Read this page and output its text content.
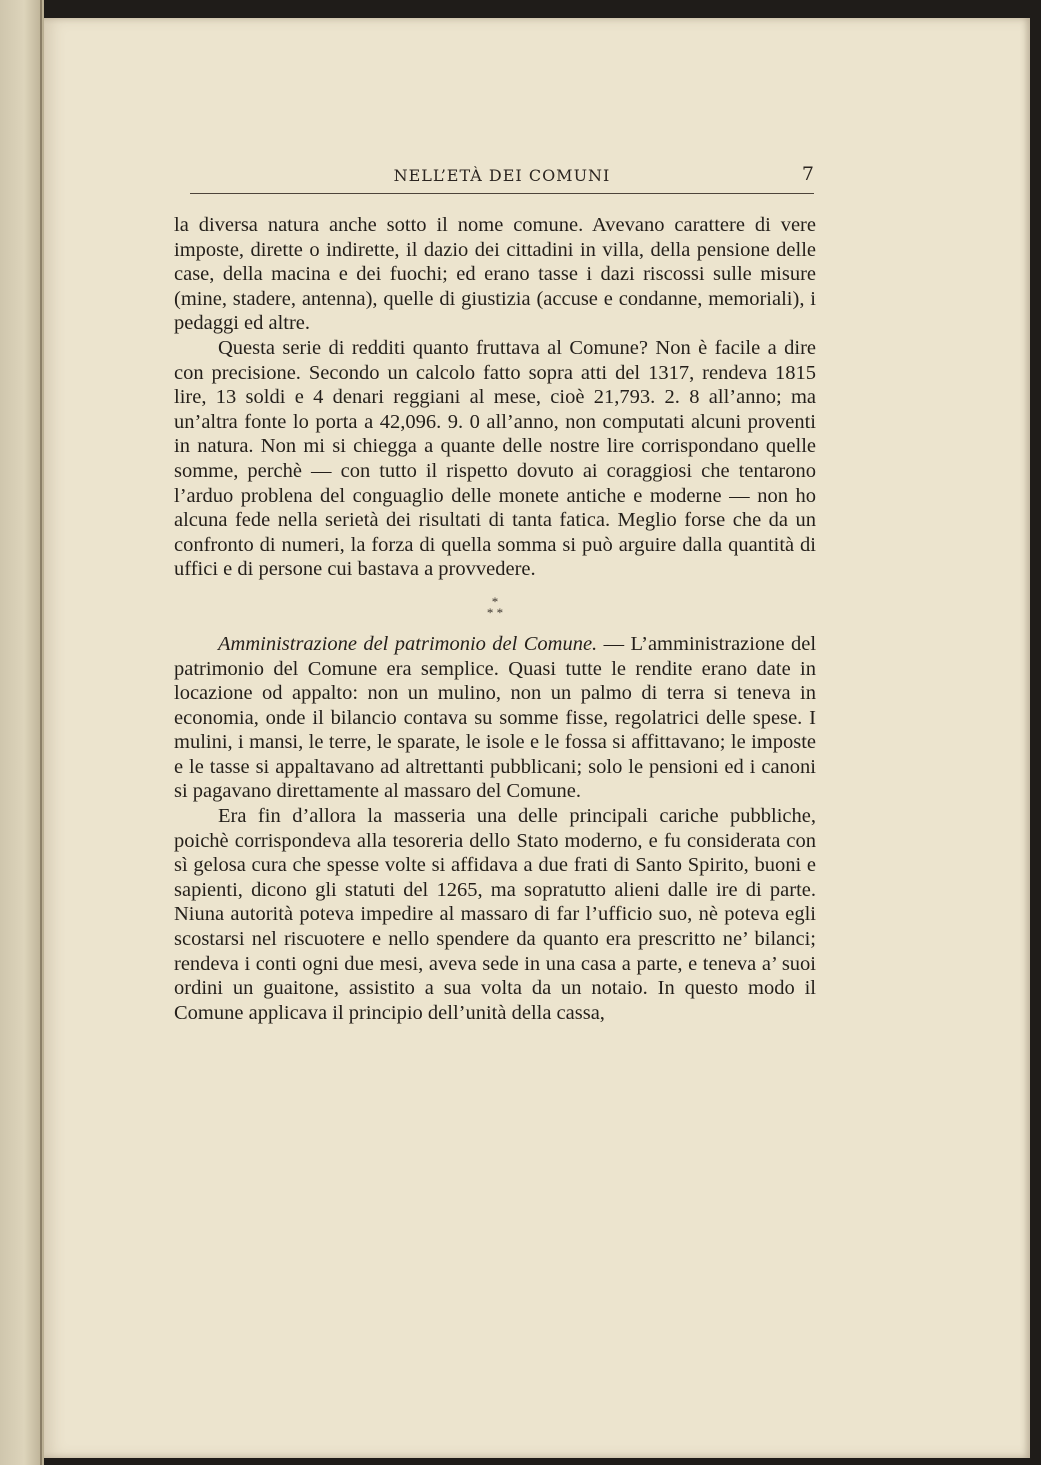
NELL’ETÀ DEI COMUNI	7

la diversa natura anche sotto il nome comune. Avevano carattere di vere imposte, dirette o indirette, il dazio dei cittadini in villa, della pensione delle case, della macina e dei fuochi; ed erano tasse i dazi riscossi sulle misure (mine, stadere, antenna), quelle di giustizia (accuse e condanne, memoriali), i pedaggi ed altre.

Questa serie di redditi quanto fruttava al Comune? Non è facile a dire con precisione. Secondo un calcolo fatto sopra atti del 1317, rendeva 1815 lire, 13 soldi e 4 denari reggiani al mese, cioè 21,793. 2. 8 all’anno; ma un’altra fonte lo porta a 42,096. 9. 0 all’anno, non computati alcuni proventi in natura. Non mi si chiegga a quante delle nostre lire corrispondano quelle somme, perchè — con tutto il rispetto dovuto ai coraggiosi che tentarono l’arduo problena del conguaglio delle monete antiche e moderne — non ho alcuna fede nella serietà dei risultati di tanta fatica. Meglio forse che da un confronto di numeri, la forza di quella somma si può arguire dalla quantità di uffici e di persone cui bastava a provvedere.

*
* *

Amministrazione del patrimonio del Comune. — L’amministrazione del patrimonio del Comune era semplice. Quasi tutte le rendite erano date in locazione od appalto: non un mulino, non un palmo di terra si teneva in economia, onde il bilancio contava su somme fisse, regolatrici delle spese. I mulini, i mansi, le terre, le sparate, le isole e le fossa si affittavano; le imposte e le tasse si appaltavano ad altrettanti pubblicani; solo le pensioni ed i canoni si pagavano direttamente al massaro del Comune.

Era fin d’allora la masseria una delle principali cariche pubbliche, poichè corrispondeva alla tesoreria dello Stato moderno, e fu considerata con sì gelosa cura che spesse volte si affidava a due frati di Santo Spirito, buoni e sapienti, dicono gli statuti del 1265, ma sopratutto alieni dalle ire di parte. Niuna autorità poteva impedire al massaro di far l’ufficio suo, nè poteva egli scostarsi nel riscuotere e nello spendere da quanto era prescritto ne’ bilanci; rendeva i conti ogni due mesi, aveva sede in una casa a parte, e teneva a’ suoi ordini un guaitone, assistito a sua volta da un notaio. In questo modo il Comune applicava il principio dell’unità della cassa,
